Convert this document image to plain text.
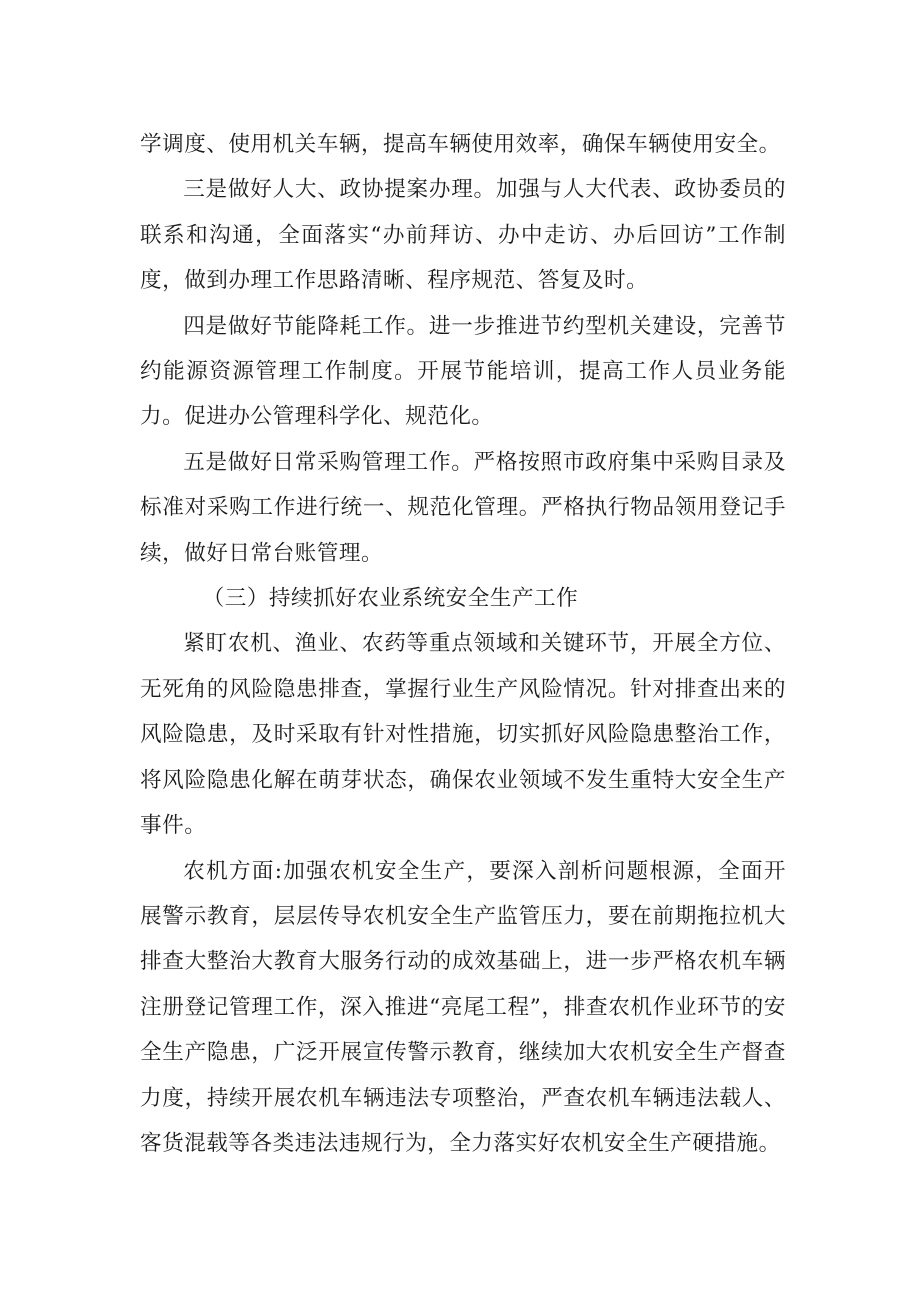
学调度、使用机关车辆，提高车辆使用效率，确保车辆使用安全。

三是做好人大、政协提案办理。加强与人大代表、政协委员的联系和沟通，全面落实“办前拜访、办中走访、办后回访”工作制度，做到办理工作思路清晰、程序规范、答复及时。

四是做好节能降耗工作。进一步推进节约型机关建设，完善节约能源资源管理工作制度。开展节能培训，提高工作人员业务能力。促进办公管理科学化、规范化。

五是做好日常采购管理工作。严格按照市政府集中采购目录及标准对采购工作进行统一、规范化管理。严格执行物品领用登记手续，做好日常台账管理。

（三）持续抓好农业系统安全生产工作

紧盯农机、渔业、农药等重点领域和关键环节，开展全方位、无死角的风险隐患排查，掌握行业生产风险情况。针对排查出来的风险隐患，及时采取有针对性措施，切实抓好风险隐患整治工作，将风险隐患化解在萌芽状态，确保农业领域不发生重特大安全生产事件。

农机方面:加强农机安全生产，要深入剖析问题根源，全面开展警示教育，层层传导农机安全生产监管压力，要在前期拖拉机大排查大整治大教育大服务行动的成效基础上，进一步严格农机车辆注册登记管理工作，深入推进“亮尾工程”，排查农机作业环节的安全生产隐患，广泛开展宣传警示教育，继续加大农机安全生产督查力度，持续开展农机车辆违法专项整治，严查农机车辆违法载人、客货混载等各类违法违规行为，全力落实好农机安全生产硬措施。
